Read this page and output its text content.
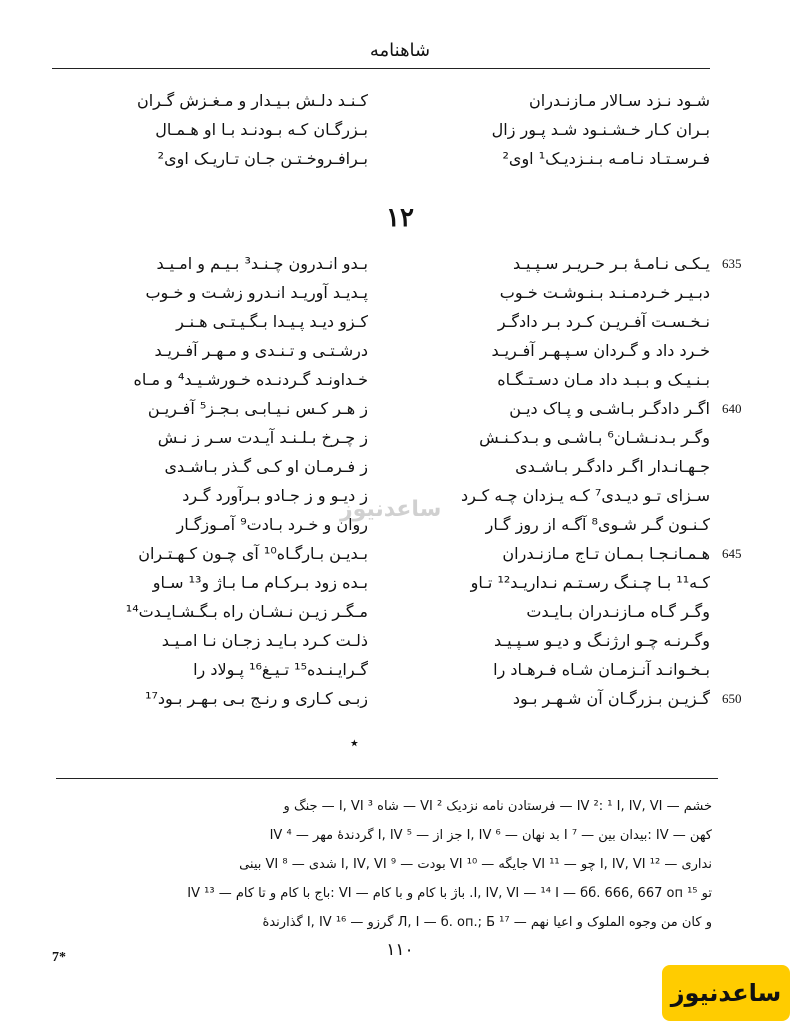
شاهنامه
شـود نـزد سـالار مـازنـدران
بـران کـار خـشـنـود شـد پـور زال
فـرسـتـاد نـامـه بـنـزدیـک¹ اوی²
کـنـد دلـش بـیـدار و مـغـزش گـران
بـزرگـان کـه بـودنـد بـا او هـمـال
بـرافـروخـتـن جـان تـاریـک اوی²
١٢
635
640
645
650
یـکـی نـامـهٔ بـر حـریـر سـپـیـد
دبـیـر خـردمـنـد بـنـوشـت خـوب
نـخـسـت آفـریـن کـرد بـر دادگـر
خـرد داد و گـردان سـپـهـر آفـریـد
بـنـیـک و بـبـد داد مـان دسـتـگـاه
اگـر دادگـر بـاشـی و پـاک دیـن
وگـر بـدنـشـان⁶ بـاشـی و بـدکـنـش
جـهـانـدار اگـر دادگـر بـاشـدی
سـزای تـو دیـدی⁷ کـه یـزدان چـه کـرد
کـنـون گـر شـوی⁸ آگـه از روز گـار
هـمـانـجـا بـمـان تـاج مـازنـدران
کـه¹¹ بـا چـنـگ رسـتـم نـداریـد¹² تـاو
وگـر گـاه مـازنـدران بـایـدت
وگـرنـه چـو ارژنـگ و دیـو سـپـیـد
بـخـوانـد آنـزمـان شـاه فـرهـاد را
گـزیـن بـزرگـان آن شـهـر بـود
بـدو انـدرون چـنـد³ بـیـم و امـیـد
پـدیـد آوریـد انـدرو زشـت و خـوب
کـزو دیـد پـیـدا بـگـیـتـی هـنـر
درشـتـی و تـنـدی و مـهـر آفـریـد
خـداونـد گـردنـده خـورشـیـد⁴ و مـاه
ز هـر کـس نـیـابـی بـجـز⁵ آفـریـن
ز چـرخ بـلـنـد آیـدت سـر ز نـش
ز فـرمـان او کـی گـذر بـاشـدی
ز دیـو و ز جـادو بـرآورد گـرد
روان و خـرد بـادت⁹ آمـوزگـار
بـدیـن بـارگـاه¹⁰ آی چـون کـهـتـران
بـده زود بـرکـام مـا بـاژ و¹³ سـاو
مـگـر زیـن نـشـان راه بـگـشـایـدت¹⁴
ذلـت کـرد بـایـد زجـان نـا امـیـد
گـرایـنـده¹⁵ تـیـغ¹⁶ پـولاد را
زبـی کـاری و رنـج بـی بـهـر بـود¹⁷
٭
ساعدنیوز
خشم — IV ²: ¹ I, IV, VI — فرستادن نامه نزدیک ² VI — شاه ³ I, VI — جنگ و
کهن — IV :بیدان بین — I ⁷ بد نهان — ⁶ I, IV جز از — ⁵ I, IV گردندهٔ مهر — ⁴ IV
نداری — ¹² I, IV, VI چو — ¹¹ VI جایگه — ¹⁰ VI بودت — ⁹ I, IV, VI شدی — ⁸ VI بینی
تو ¹⁵ I, IV, VI — ¹⁴ I — бб. 666, 667 оп. باژ با کام و با کام — VI :باج با کام و تا کام — ¹³ IV
و کان من وجوه الملوک و اعیا نهم — ¹⁷ Л, I — б. оп.; Б گرزو — ¹⁶ I, IV گذارندهٔ
١١٠
7*
ساعدنیوز
